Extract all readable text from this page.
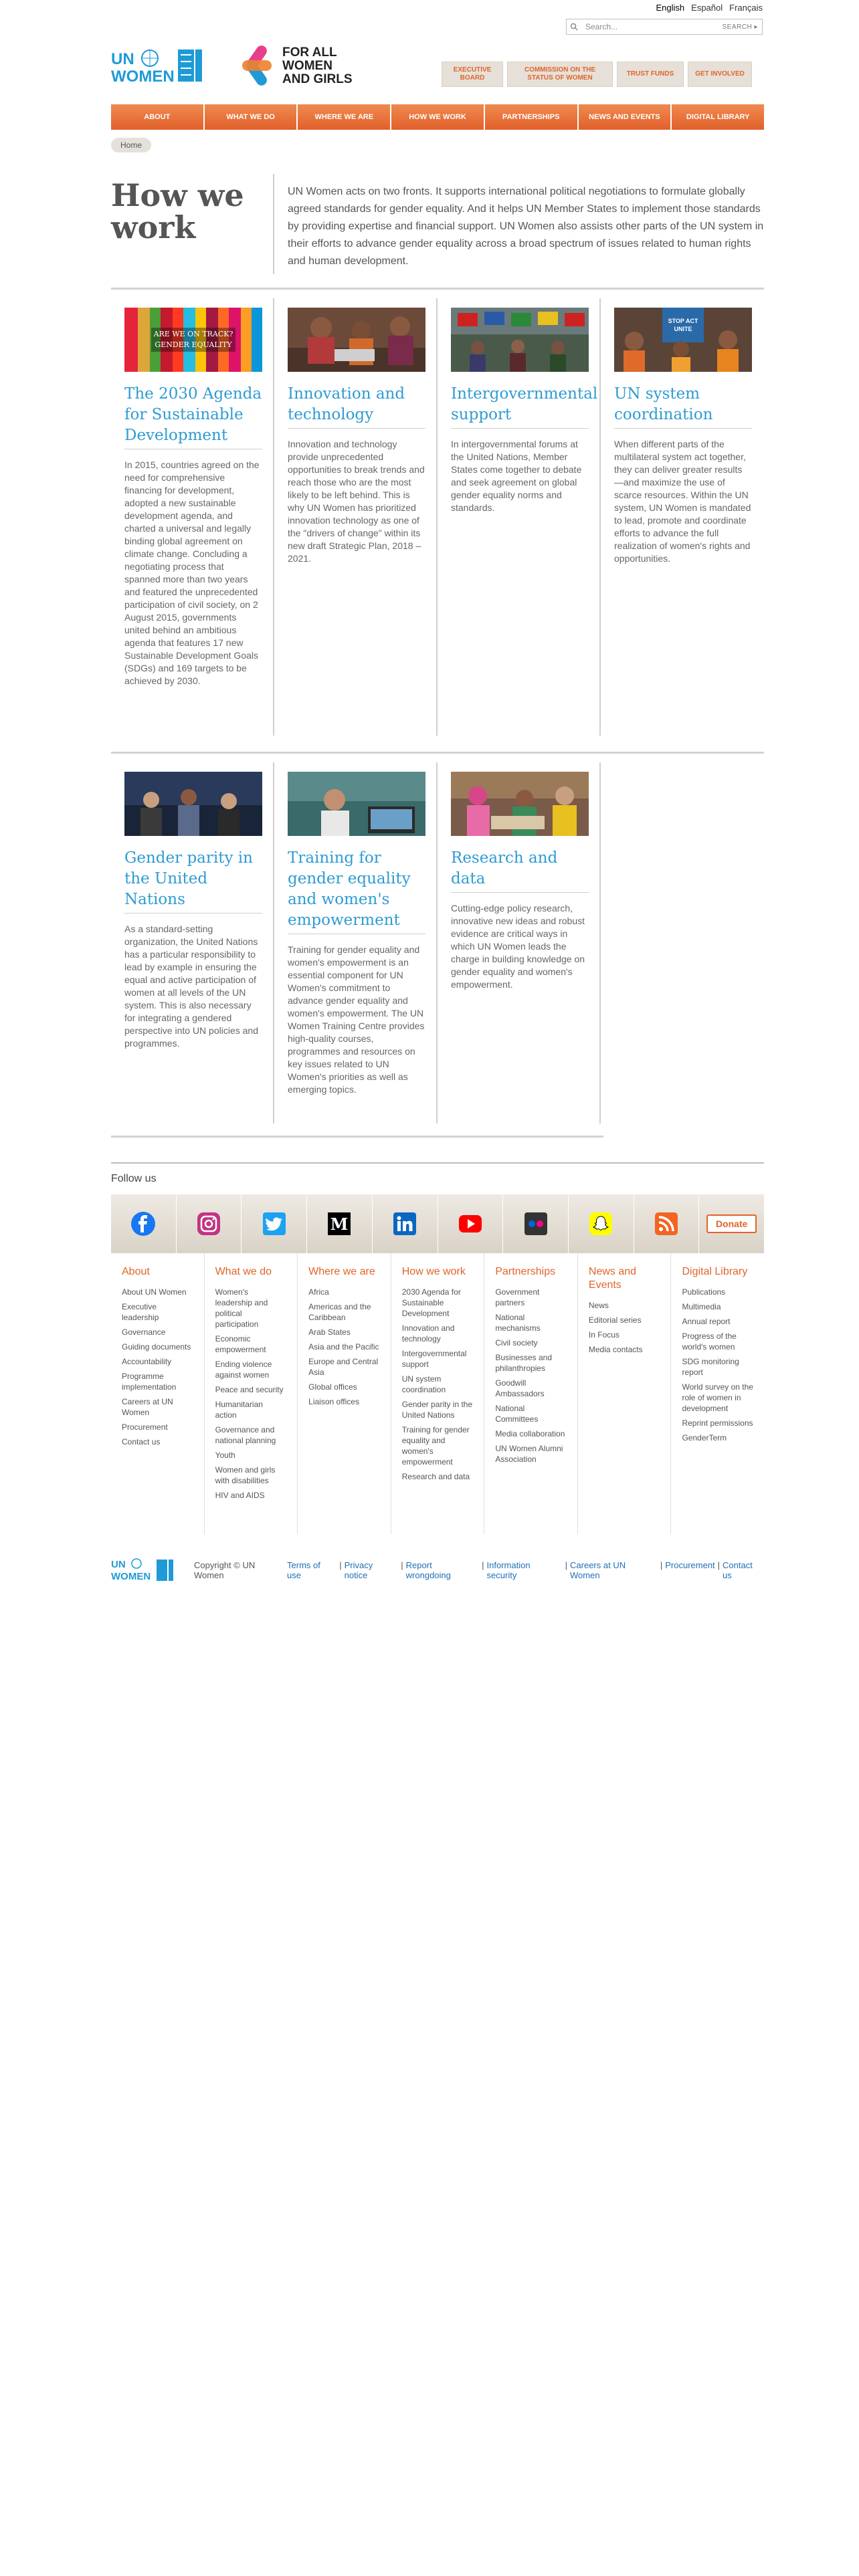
English Español Français
Search...	SEARCH ▸
UN
WOMEN
FOR ALL
WOMEN
AND GIRLS
EXECUTIVE BOARD
COMMISSION ON THE STATUS OF WOMEN
TRUST FUNDS	GET INVOLVED
ABOUT	WHAT WE DO	WHERE WE ARE	HOW WE WORK	PARTNERSHIPS	NEWS AND EVENTS	DIGITAL LIBRARY
Home
How we work

UN Women acts on two fronts. It supports international political negotiations to formulate globally agreed standards for gender equality. And it helps UN Member States to implement those standards by providing expertise and financial support. UN Women also assists other parts of the UN system in their efforts to advance gender equality across a broad spectrum of issues related to human rights and human development.

ARE WE ON TRACK? GENDER EQUALITY
The 2030 Agenda for Sustainable Development

In 2015, countries agreed on the need for comprehensive financing for development, adopted a new sustainable development agenda, and charted a universal and legally binding global agreement on climate change. Concluding a negotiating process that spanned more than two years and featured the unprecedented participation of civil society, on 2 August 2015, governments united behind an ambitious agenda that features 17 new Sustainable Development Goals (SDGs) and 169 targets to be achieved by 2030.

Innovation and technology

Innovation and technology provide unprecedented opportunities to break trends and reach those who are the most likely to be left behind. This is why UN Women has prioritized innovation technology as one of the "drivers of change" within its new draft Strategic Plan, 2018 – 2021.

Intergovernmental support

In intergovernmental forums at the United Nations, Member States come together to debate and seek agreement on global gender equality norms and standards.

STOP ACT UNITE
UN system coordination

When different parts of the multilateral system act together, they can deliver greater results —and maximize the use of scarce resources. Within the UN system, UN Women is mandated to lead, promote and coordinate efforts to advance the full realization of women's rights and opportunities.

Gender parity in the United Nations

As a standard-setting organization, the United Nations has a particular responsibility to lead by example in ensuring the equal and active participation of women at all levels of the UN system. This is also necessary for integrating a gendered perspective into UN policies and programmes.

Training for gender equality and women's empowerment

Training for gender equality and women's empowerment is an essential component for UN Women's commitment to advance gender equality and women's empowerment. The UN Women Training Centre provides high-quality courses, programmes and resources on key issues related to UN Women's priorities as well as emerging topics.

Research and data

Cutting-edge policy research, innovative new ideas and robust evidence are critical ways in which UN Women leads the charge in building knowledge on gender equality and women's empowerment.

Follow us
M	Donate
About
About UN Women
Executive leadership
Governance
Guiding documents
Accountability
Programme implementation
Careers at UN Women
Procurement
Contact us
What we do
Women's leadership and political participation
Economic empowerment
Ending violence against women
Peace and security
Humanitarian action
Governance and national planning
Youth
Women and girls with disabilities
HIV and AIDS
Where we are
Africa
Americas and the Caribbean
Arab States
Asia and the Pacific
Europe and Central Asia
Global offices
Liaison offices
How we work
2030 Agenda for Sustainable Development
Innovation and technology
Intergovernmental support
UN system coordination
Gender parity in the United Nations
Training for gender equality and women's empowerment
Research and data
Partnerships
Government partners
National mechanisms
Civil society
Businesses and philanthropies
Goodwill Ambassadors
National Committees
Media collaboration
UN Women Alumni Association
News and Events
News
Editorial series
In Focus
Media contacts
Digital Library
Publications
Multimedia
Annual report
Progress of the world's women
SDG monitoring report
World survey on the role of women in development
Reprint permissions
GenderTerm
UN
WOMEN
Copyright © UN Women
Terms of use
| Privacy notice
| Report wrongdoing
| Information security
| Careers at UN Women
| Procurement | Contact us
